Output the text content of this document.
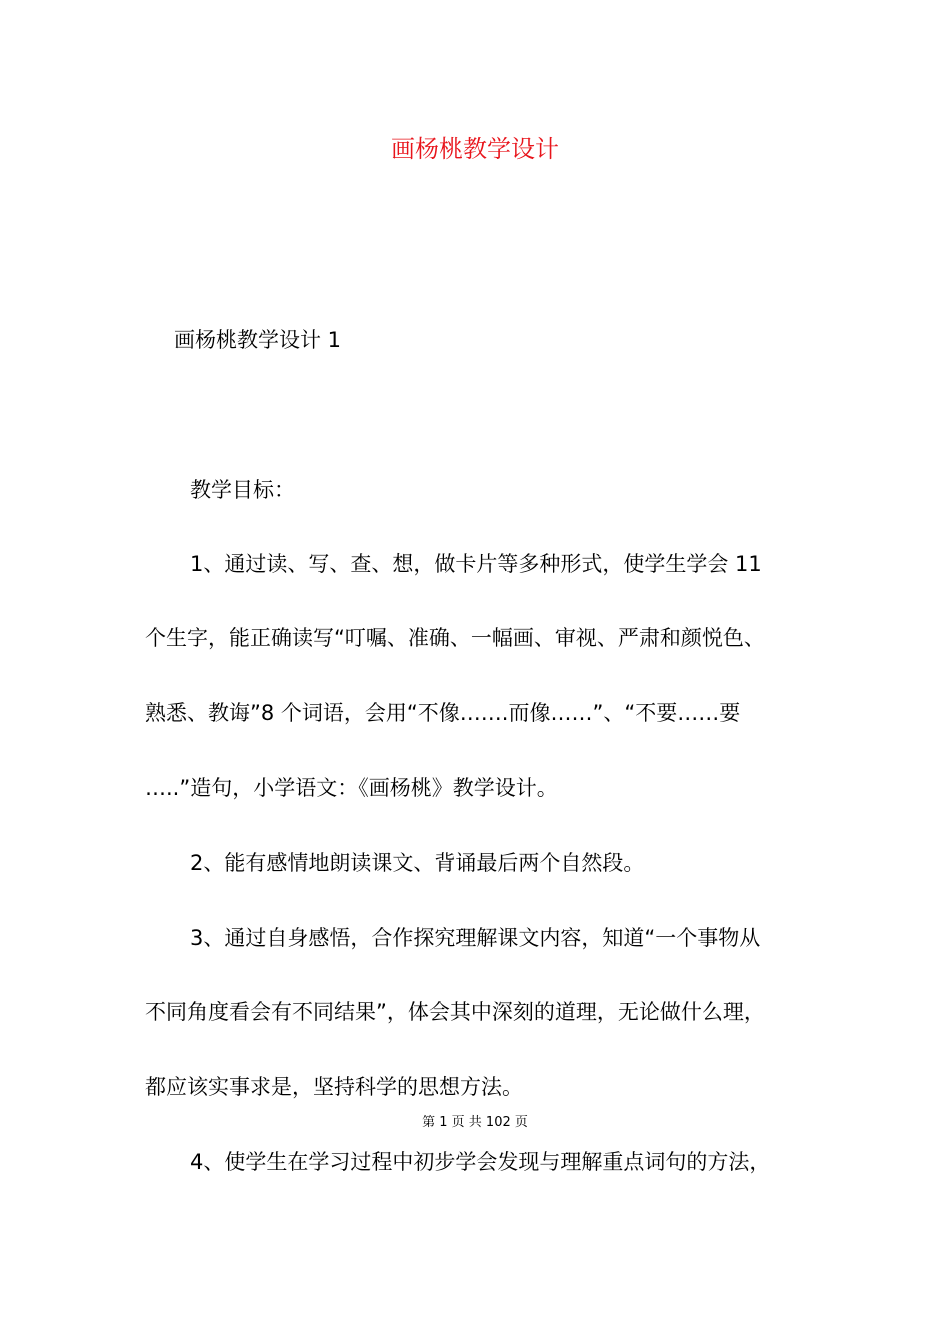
画杨桃教学设计
画杨桃教学设计 1

教学目标：

1、通过读、写、查、想，做卡片等多种形式，使学生学会 11

个生字，能正确读写“叮嘱、准确、一幅画、审视、严肃和颜悦色、

熟悉、教诲”8 个词语，会用“不像…….而像……”、“不要……要

…..”造句，小学语文：《画杨桃》教学设计。

2、能有感情地朗读课文、背诵最后两个自然段。

3、通过自身感悟，合作探究理解课文内容，知道“一个事物从

不同角度看会有不同结果”，体会其中深刻的道理，无论做什么理，

都应该实事求是，坚持科学的思想方法。

第 1 页 共 102 页

4、使学生在学习过程中初步学会发现与理解重点词句的方法，
